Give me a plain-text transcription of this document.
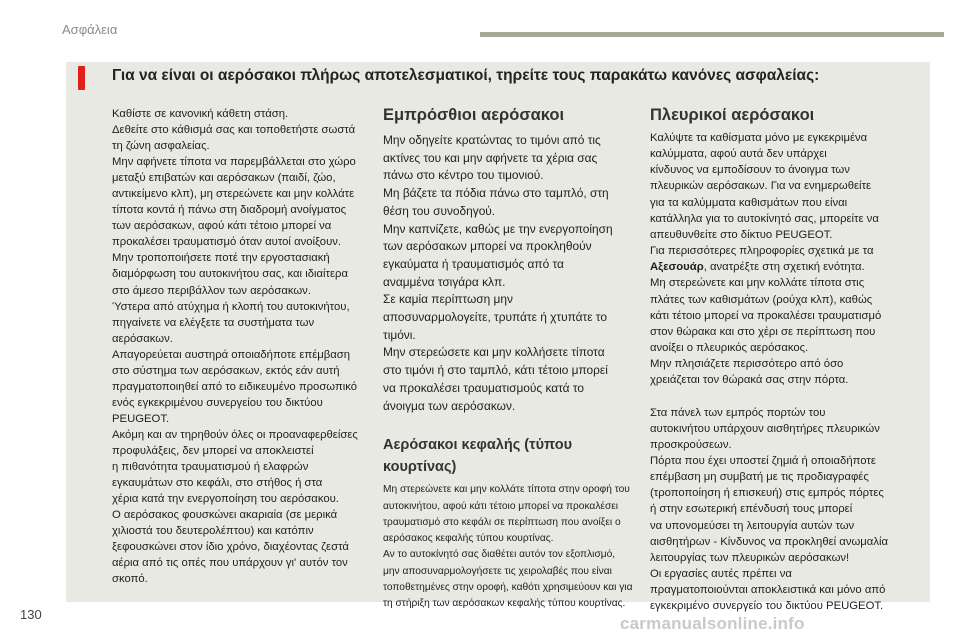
Ασφάλεια
Για να είναι οι αερόσακοι πλήρως αποτελεσματικοί, τηρείτε τους παρακάτω κανόνες ασφαλείας:
Καθίστε σε κανονική κάθετη στάση.
Δεθείτε στο κάθισμά σας και τοποθετήστε σωστά
τη ζώνη ασφαλείας.
Μην αφήνετε τίποτα να παρεμβάλλεται στο χώρο
μεταξύ επιβατών και αερόσακων (παιδί, ζώο,
αντικείμενο κλπ), μη στερεώνετε και μην κολλάτε
τίποτα κοντά ή πάνω στη διαδρομή ανοίγματος
των αερόσακων, αφού κάτι τέτοιο μπορεί να
προκαλέσει τραυματισμό όταν αυτοί ανοίξουν.
Μην τροποποιήσετε ποτέ την εργοστασιακή
διαμόρφωση του αυτοκινήτου σας, και ιδιαίτερα
στο άμεσο περιβάλλον των αερόσακων.
Ύστερα από ατύχημα ή κλοπή του αυτοκινήτου,
πηγαίνετε να ελέγξετε τα συστήματα των
αερόσακων.
Απαγορεύεται αυστηρά οποιαδήποτε επέμβαση
στο σύστημα των αερόσακων, εκτός εάν αυτή
πραγματοποιηθεί από το ειδικευμένο προσωπικό
ενός εγκεκριμένου συνεργείου του δικτύου
PEUGEOT.
Ακόμη και αν τηρηθούν όλες οι προαναφερθείσες
προφυλάξεις, δεν μπορεί να αποκλειστεί
η πιθανότητα τραυματισμού ή ελαφρών
εγκαυμάτων στο κεφάλι, στο στήθος ή στα
χέρια κατά την ενεργοποίηση του αερόσακου.
Ο αερόσακος φουσκώνει ακαριαία (σε μερικά
χιλιοστά του δευτερολέπτου) και κατόπιν
ξεφουσκώνει στον ίδιο χρόνο, διαχέοντας ζεστά
αέρια από τις οπές που υπάρχουν γι' αυτόν τον
σκοπό.
Εμπρόσθιοι αερόσακοι
Μην οδηγείτε κρατώντας το τιμόνι από τις
ακτίνες του και μην αφήνετε τα χέρια σας
πάνω στο κέντρο του τιμονιού.
Μη βάζετε τα πόδια πάνω στο ταμπλό, στη
θέση του συνοδηγού.
Μην καπνίζετε, καθώς με την ενεργοποίηση
των αερόσακων μπορεί να προκληθούν
εγκαύματα ή τραυματισμός από τα
αναμμένα τσιγάρα κλπ.
Σε καμία περίπτωση μην
αποσυναρμολογείτε, τρυπάτε ή χτυπάτε το
τιμόνι.
Μην στερεώσετε και μην κολλήσετε τίποτα
στο τιμόνι ή στο ταμπλό, κάτι τέτοιο μπορεί
να προκαλέσει τραυματισμούς κατά το
άνοιγμα των αερόσακων.
Αερόσακοι κεφαλής (τύπου κουρτίνας)
Μη στερεώνετε και μην κολλάτε τίποτα στην οροφή του
αυτοκινήτου, αφού κάτι τέτοιο μπορεί να προκαλέσει
τραυματισμό στο κεφάλι σε περίπτωση που ανοίξει ο
αερόσακος κεφαλής τύπου κουρτίνας.
Αν το αυτοκίνητό σας διαθέτει αυτόν τον εξοπλισμό,
μην αποσυναρμολογήσετε τις χειρολαβές που είναι
τοποθετημένες στην οροφή, καθότι χρησιμεύουν και για
τη στήριξη των αερόσακων κεφαλής τύπου κουρτίνας.
Πλευρικοί αερόσακοι
Καλύψτε τα καθίσματα μόνο με εγκεκριμένα
καλύμματα, αφού αυτά δεν υπάρχει
κίνδυνος να εμποδίσουν το άνοιγμα των
πλευρικών αερόσακων. Για να ενημερωθείτε
για τα καλύμματα καθισμάτων που είναι
κατάλληλα για το αυτοκίνητό σας, μπορείτε να
απευθυνθείτε στο δίκτυο PEUGEOT.
Για περισσότερες πληροφορίες σχετικά με τα
Αξεσουάρ, ανατρέξτε στη σχετική ενότητα.
Μη στερεώνετε και μην κολλάτε τίποτα στις
πλάτες των καθισμάτων (ρούχα κλπ), καθώς
κάτι τέτοιο μπορεί να προκαλέσει τραυματισμό
στον θώρακα και στο χέρι σε περίπτωση που
ανοίξει ο πλευρικός αερόσακος.
Μην πλησιάζετε περισσότερο από όσο
χρειάζεται τον θώρακά σας στην πόρτα.
Στα πάνελ των εμπρός πορτών του
αυτοκινήτου υπάρχουν αισθητήρες πλευρικών
προσκρούσεων.
Πόρτα που έχει υποστεί ζημιά ή οποιαδήποτε
επέμβαση μη συμβατή με τις προδιαγραφές
(τροποποίηση ή επισκευή) στις εμπρός πόρτες
ή στην εσωτερική επένδυσή τους μπορεί
να υπονομεύσει τη λειτουργία αυτών των
αισθητήρων - Κίνδυνος να προκληθεί ανωμαλία
λειτουργίας των πλευρικών αερόσακων!
Οι εργασίες αυτές πρέπει να
πραγματοποιούνται αποκλειστικά και μόνο από
εγκεκριμένο συνεργείο του δικτύου PEUGEOT.
130	carmanualsonline.info
